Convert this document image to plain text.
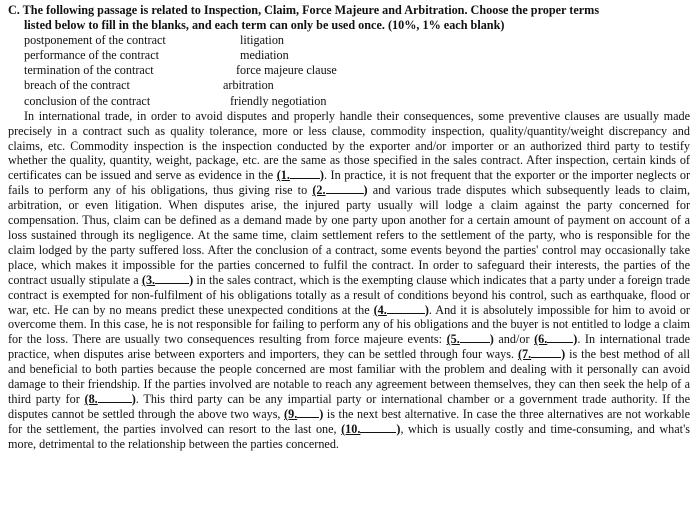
C. The following passage is related to Inspection, Claim, Force Majeure and Arbitration. Choose the proper terms
listed below to fill in the blanks, and each term can only be used once. (10%, 1% each blank)

postponement of the contract	litigation
performance of the contract	mediation
termination of the contract	force majeure clause
breach of the contract	arbitration
conclusion of the contract	friendly negotiation

In international trade, in order to avoid disputes and properly handle their consequences, some preventive clauses are usually made precisely in a contract such as quality tolerance, more or less clause, commodity inspection, quality/quantity/weight discrepancy and claims, etc. Commodity inspection is the inspection conducted by the exporter and/or importer or an authorized third party to testify whether the quality, quantity, weight, package, etc. are the same as those specified in the sales contract. After inspection, certain kinds of certificates can be issued and serve as evidence in the (1. ). In practice, it is not frequent that the exporter or the importer neglects or fails to perform any of his obligations, thus giving rise to (2.	) and various trade disputes which subsequently leads to claim, arbitration, or even litigation. When disputes arise, the injured party usually will lodge a claim against the party concerned for compensation. Thus, claim can be defined as a demand made by one party upon another for a certain amount of payment on account of a loss sustained through its negligence. At the same time, claim settlement refers to the settlement of the party, who is responsible for the claim lodged by the party suffered loss. After the conclusion of a contract, some events beyond the parties' control may occasionally take place, which makes it impossible for the parties concerned to fulfil the contract. In order to safeguard their interests, the parties of the contract usually stipulate a (3.	) in the sales contract, which is the exempting clause which indicates that a party under a foreign trade contract is exempted for non-fulfilment of his obligations totally as a result of conditions beyond his control, such as earthquake, flood or war, etc. He can by no means predict these unexpected conditions at the (4.	). And it is absolutely impossible for him to avoid or overcome them. In this case, he is not responsible for failing to perform any of his obligations and the buyer is not entitled to lodge a claim for the loss. There are usually two consequences resulting from force majeure events: (5. ) and/or (6. ). In international trade practice, when disputes arise between exporters and importers, they can be settled through four ways. (7. ) is the best method of all and beneficial to both parties because the people concerned are most familiar with the problem and dealing with it personally can avoid damage to their friendship. If the parties involved are notable to reach any agreement between themselves, they can then seek the help of a third party for (8.	). This third party can be any impartial party or international chamber or a government trade authority. If the disputes cannot be settled through the above two ways, (9. ) is the next best alternative. In case the three alternatives are not workable for the settlement, the parties involved can resort to the last one, (10.	), which is usually costly and time-consuming, and what's more, detrimental to the relationship between the parties concerned.
